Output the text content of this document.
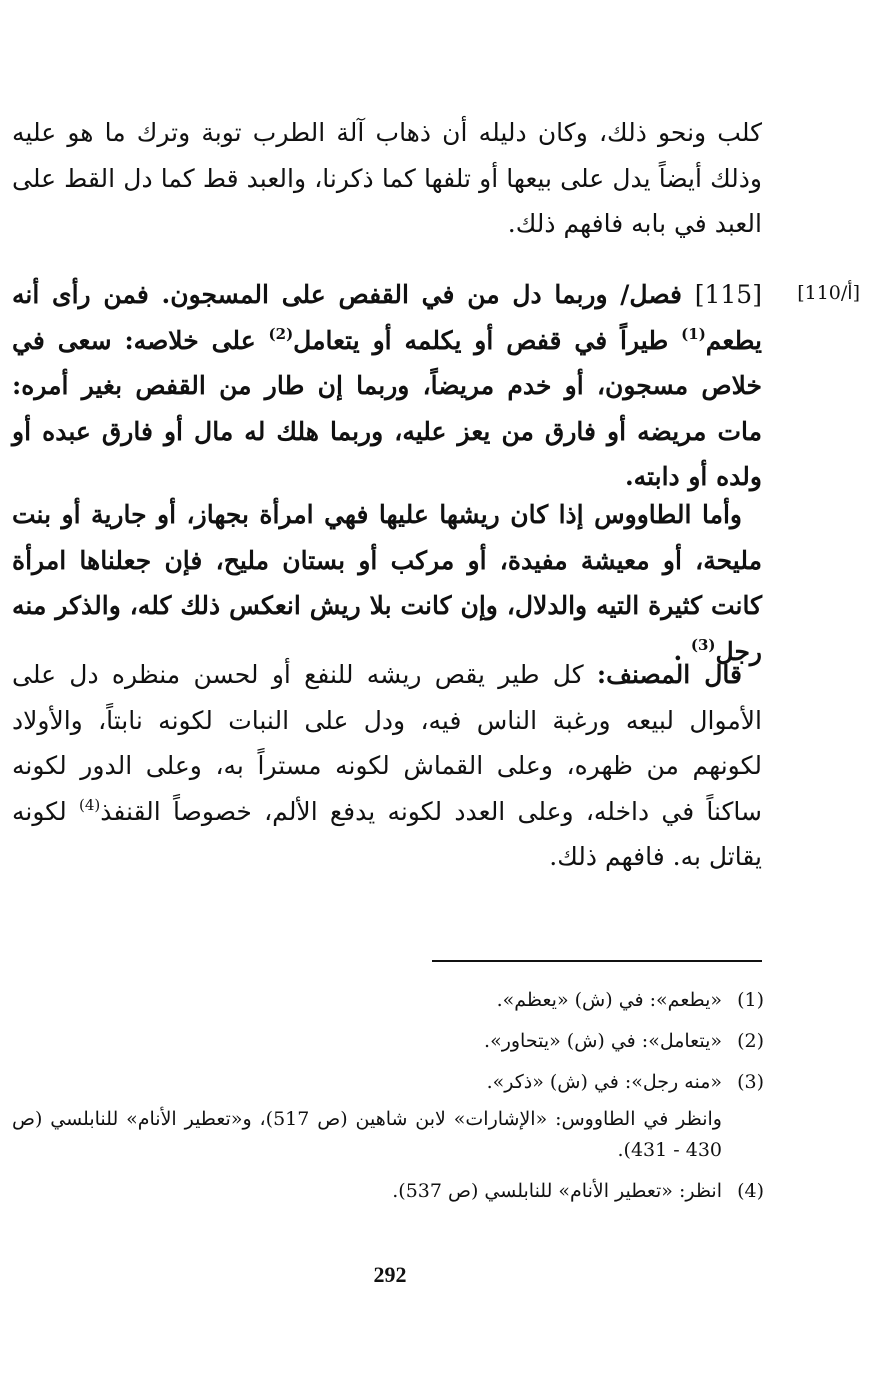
[110/أ]

كلب ونحو ذلك، وكان دليله أن ذهاب آلة الطرب توبة وترك ما هو عليه وذلك أيضاً يدل على بيعها أو تلفها كما ذكرنا، والعبد قط كما دل القط على العبد في بابه فافهم ذلك.

[115] فصل/ وربما دل من في القفص على المسجون. فمن رأى أنه يطعم$^{(1)}$ طيراً في قفص أو يكلمه أو يتعامل$^{(2)}$ على خلاصه: سعى في خلاص مسجون، أو خدم مريضاً، وربما إن طار من القفص بغير أمره: مات مريضه أو فارق من يعز عليه، وربما هلك له مال أو فارق عبده أو ولده أو دابته.

وأما الطاووس إذا كان ريشها عليها فهي امرأة بجهاز، أو جارية أو بنت مليحة، أو معيشة مفيدة، أو مركب أو بستان مليح، فإن جعلناها امرأة كانت كثيرة التيه والدلال، وإن كانت بلا ريش انعكس ذلك كله، والذكر منه رجل$^{(3)}$ .

قال المصنف: كل طير يقص ريشه للنفع أو لحسن منظره دل على الأموال لبيعه ورغبة الناس فيه، ودل على النبات لكونه نابتاً، والأولاد لكونهم من ظهره، وعلى القماش لكونه مستراً به، وعلى الدور لكونه ساكناً في داخله، وعلى العدد لكونه يدفع الألم، خصوصاً القنفذ$^{(4)}$ لكونه يقاتل به. فافهم ذلك.

(1)
«يطعم»: في (ش) «يعظم».
(2)
«يتعامل»: في (ش) «يتحاور».
(3)
«منه رجل»: في (ش) «ذكر».
وانظر في الطاووس: «الإشارات» لابن شاهين (ص 517)، و«تعطير الأنام» للنابلسي (ص 430 - 431).
(4)
انظر: «تعطير الأنام» للنابلسي (ص 537).
292
